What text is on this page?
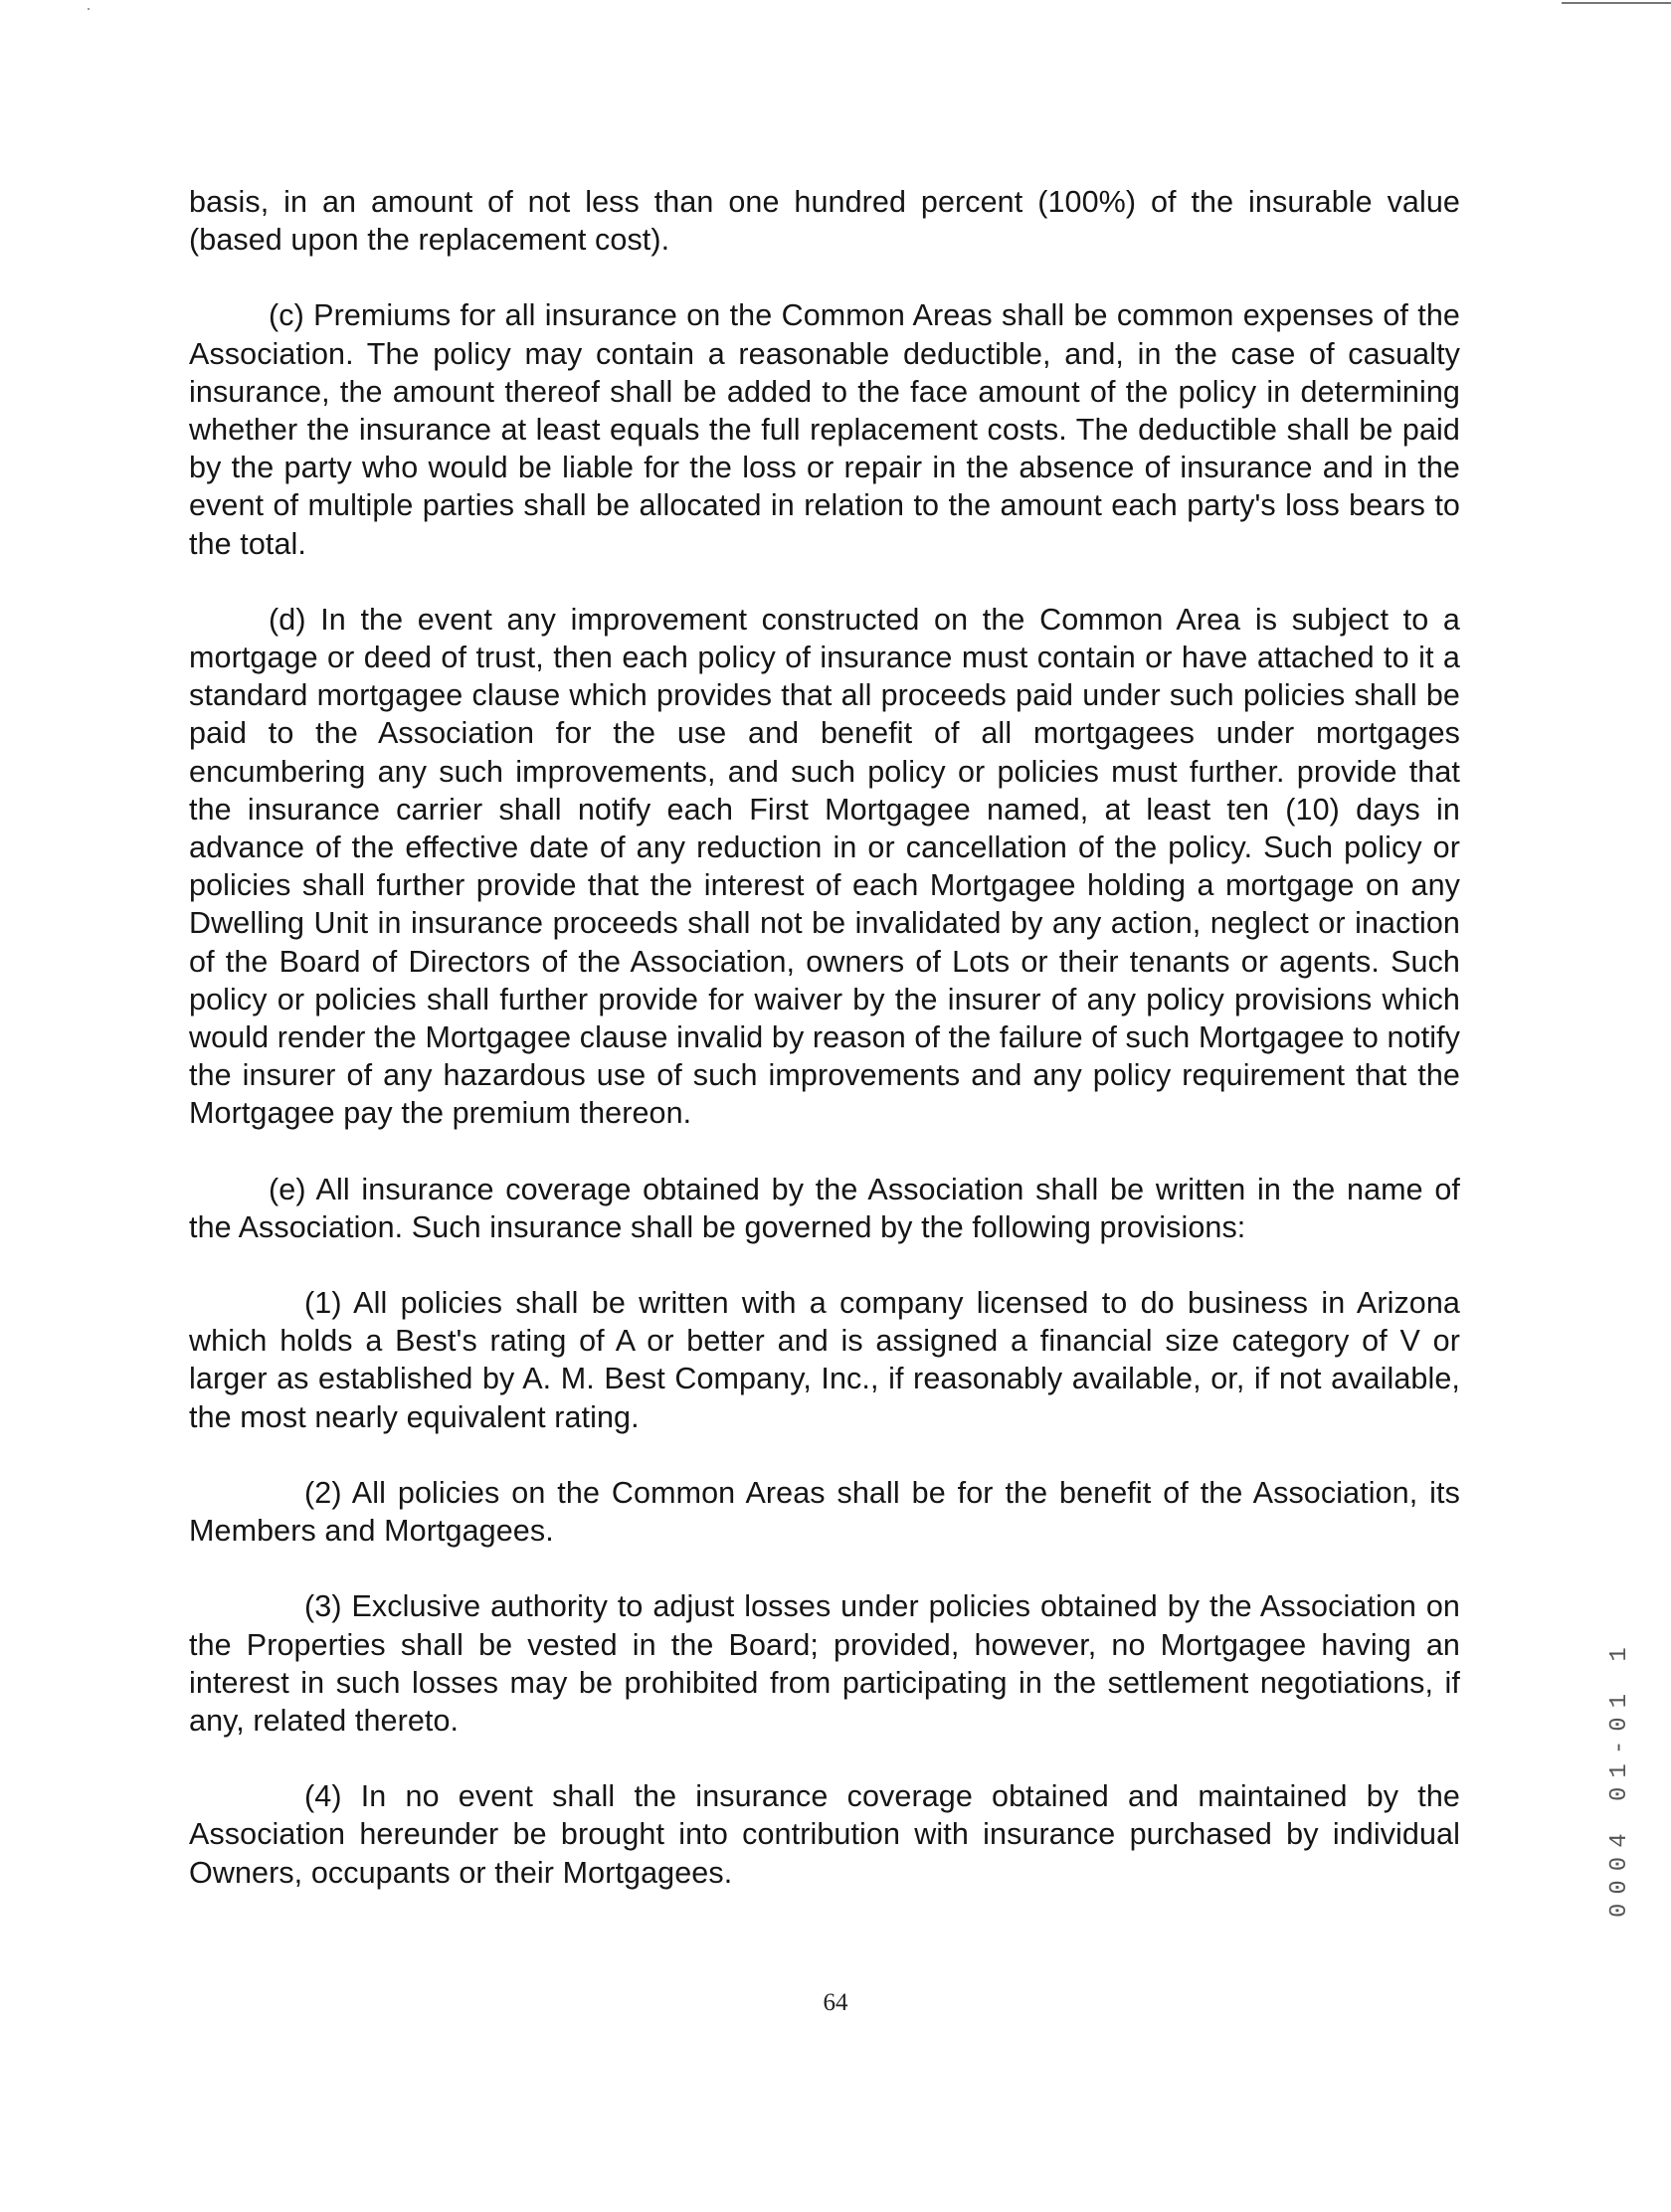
basis, in an amount of not less than one hundred percent (100%) of the insurable value (based upon the replacement cost).

(c) Premiums for all insurance on the Common Areas shall be common expenses of the Association. The policy may contain a reasonable deductible, and, in the case of casualty insurance, the amount thereof shall be added to the face amount of the policy in determining whether the insurance at least equals the full replacement costs. The deductible shall be paid by the party who would be liable for the loss or repair in the absence of insurance and in the event of multiple parties shall be allocated in relation to the amount each party's loss bears to the total.

(d) In the event any improvement constructed on the Common Area is subject to a mortgage or deed of trust, then each policy of insurance must contain or have attached to it a standard mortgagee clause which provides that all proceeds paid under such policies shall be paid to the Association for the use and benefit of all mortgagees under mortgages encumbering any such improvements, and such policy or policies must further. provide that the insurance carrier shall notify each First Mortgagee named, at least ten (10) days in advance of the effective date of any reduction in or cancellation of the policy. Such policy or policies shall further provide that the interest of each Mortgagee holding a mortgage on any Dwelling Unit in insurance proceeds shall not be invalidated by any action, neglect or inaction of the Board of Directors of the Association, owners of Lots or their tenants or agents. Such policy or policies shall further provide for waiver by the insurer of any policy provisions which would render the Mortgagee clause invalid by reason of the failure of such Mortgagee to notify the insurer of any hazardous use of such improvements and any policy requirement that the Mortgagee pay the premium thereon.

(e) All insurance coverage obtained by the Association shall be written in the name of the Association. Such insurance shall be governed by the following provisions:

(1) All policies shall be written with a company licensed to do business in Arizona which holds a Best's rating of A or better and is assigned a financial size category of V or larger as established by A. M. Best Company, Inc., if reasonably available, or, if not available, the most nearly equivalent rating.

(2) All policies on the Common Areas shall be for the benefit of the Association, its Members and Mortgagees.

(3) Exclusive authority to adjust losses under policies obtained by the Association on the Properties shall be vested in the Board; provided, however, no Mortgagee having an interest in such losses may be prohibited from participating in the settlement negotiations, if any, related thereto.

(4) In no event shall the insurance coverage obtained and maintained by the Association hereunder be brought into contribution with insurance purchased by individual Owners, occupants or their Mortgagees.

64
0004 01-01 1
